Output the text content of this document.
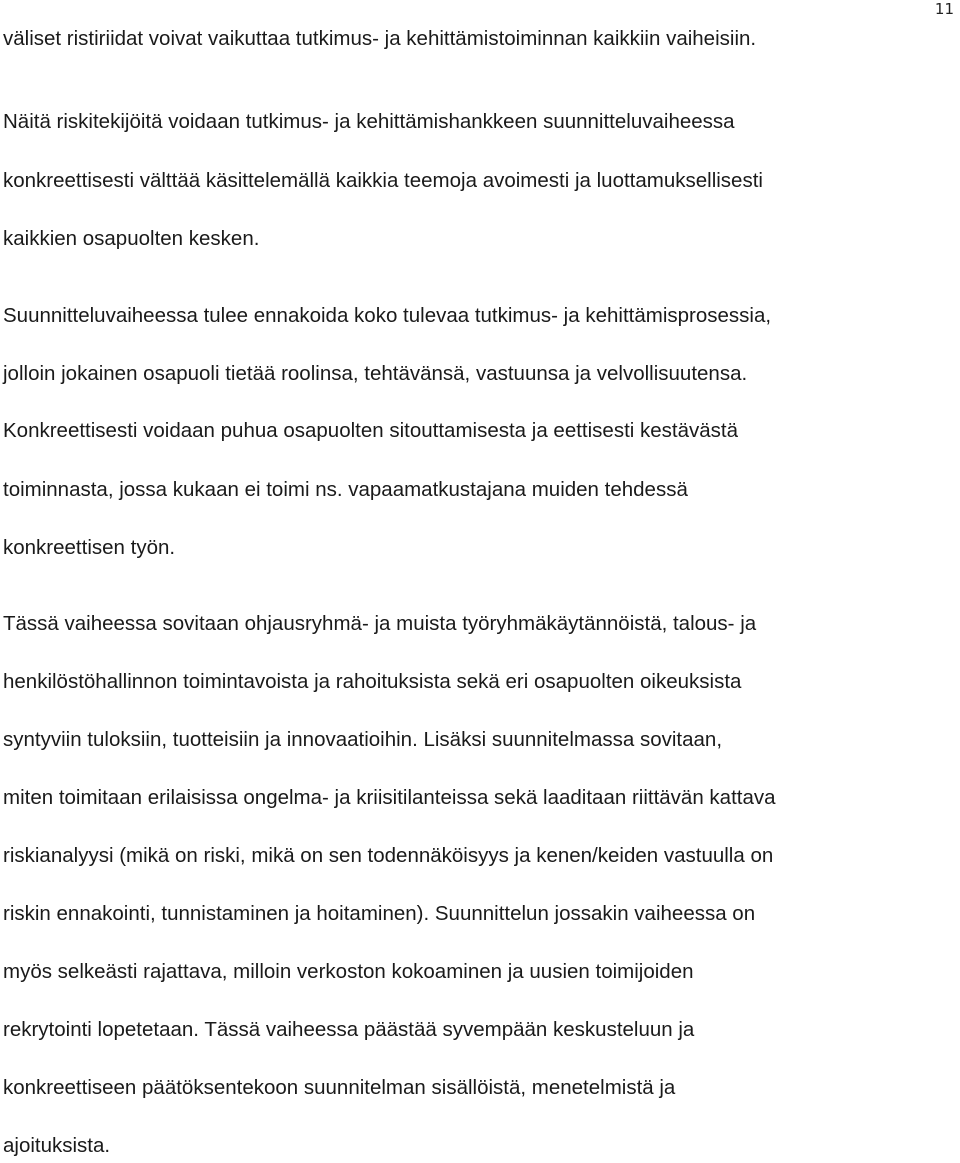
11
väliset ristiriidat voivat vaikuttaa tutkimus- ja kehittämistoiminnan kaikkiin vaiheisiin.
Näitä riskitekijöitä voidaan tutkimus- ja kehittämishankkeen suunnitteluvaiheessa
konkreettisesti välttää käsittelemällä kaikkia teemoja avoimesti ja luottamuksellisesti
kaikkien osapuolten kesken.
Suunnitteluvaiheessa tulee ennakoida koko tulevaa tutkimus- ja kehittämisprosessia,
jolloin jokainen osapuoli tietää roolinsa, tehtävänsä, vastuunsa ja velvollisuutensa.
Konkreettisesti voidaan puhua osapuolten sitouttamisesta ja eettisesti kestävästä
toiminnasta, jossa kukaan ei toimi ns. vapaamatkustajana muiden tehdessä
konkreettisen työn.
Tässä vaiheessa sovitaan ohjausryhmä- ja muista työryhmäkäytännöistä, talous- ja
henkilöstöhallinnon toimintavoista ja rahoituksista sekä eri osapuolten oikeuksista
syntyviin tuloksiin, tuotteisiin ja innovaatioihin. Lisäksi suunnitelmassa sovitaan,
miten toimitaan erilaisissa ongelma- ja kriisitilanteissa sekä laaditaan riittävän kattava
riskianalyysi (mikä on riski, mikä on sen todennäköisyys ja kenen/keiden vastuulla on
riskin ennakointi, tunnistaminen ja hoitaminen). Suunnittelun jossakin vaiheessa on
myös selkeästi rajattava, milloin verkoston kokoaminen ja uusien toimijoiden
rekrytointi lopetetaan. Tässä vaiheessa päästää syvempään keskusteluun ja
konkreettiseen päätöksentekoon suunnitelman sisällöistä, menetelmistä ja
ajoituksista.
